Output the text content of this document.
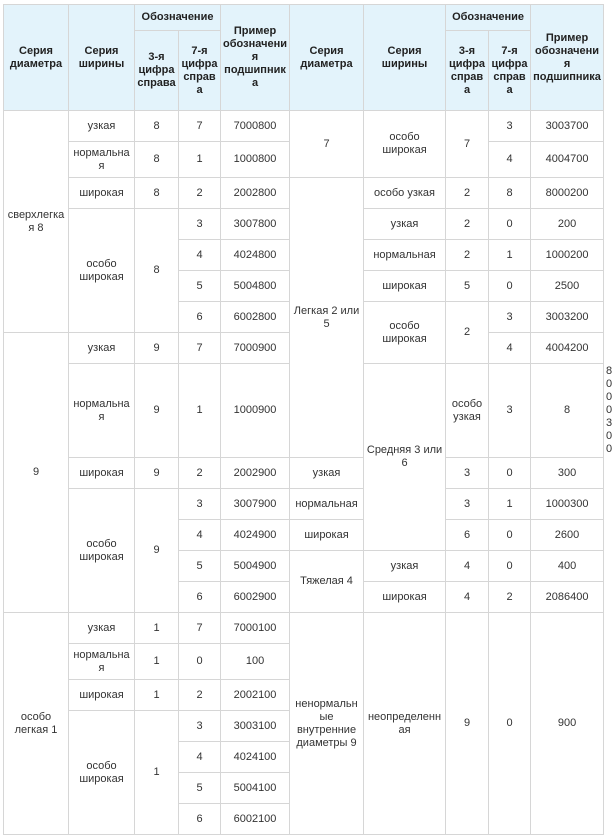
Серия диаметра	Серия ширины	Обозначение		Пример обозначения подшипника	Серия диаметра	Серия ширины	Обозначение		Пример обозначения подшипника	
		3-я цифра справа	7-я цифра справа				3-я цифра справа	7-я цифра справа		
сверхлегкая 8	узкая	8	7	7000800	7	особо широкая	7	3	3003700	
	нормальная	8	1	1000800				4	4004700	
	широкая	8	2	2002800	Легкая 2 или 5	особо узкая	2	8	8000200	
	особо широкая	8	3	3007800		узкая	2	0	200	
			4	4024800		нормальная	2	1	1000200	
			5	5004800		широкая	5	0	2500	
			6	6002800		особо широкая	2	3	3003200	
9	узкая	9	7	7000900				4	4004200	
	нормальная	9	1	1000900		Средняя 3 или 6	особо узкая	3	8	8000300
	широкая	9	2	2002900	узкая		3	0	300	
	особо широкая	9	3	3007900	нормальная		3	1	1000300	
			4	4024900	широкая		6	0	2600	
			5	5004900	Тяжелая 4	узкая	4	0	400	
			6	6002900		широкая	4	2	2086400	
особо легкая 1	узкая	1	7	7000100	ненормальные внутренние диаметры 9	неопределенная	9	0	900	
	нормальная	1	0	100						
	широкая	1	2	2002100						
	особо широкая	1	3	3003100						
			4	4024100						
			5	5004100						
			6	6002100						
